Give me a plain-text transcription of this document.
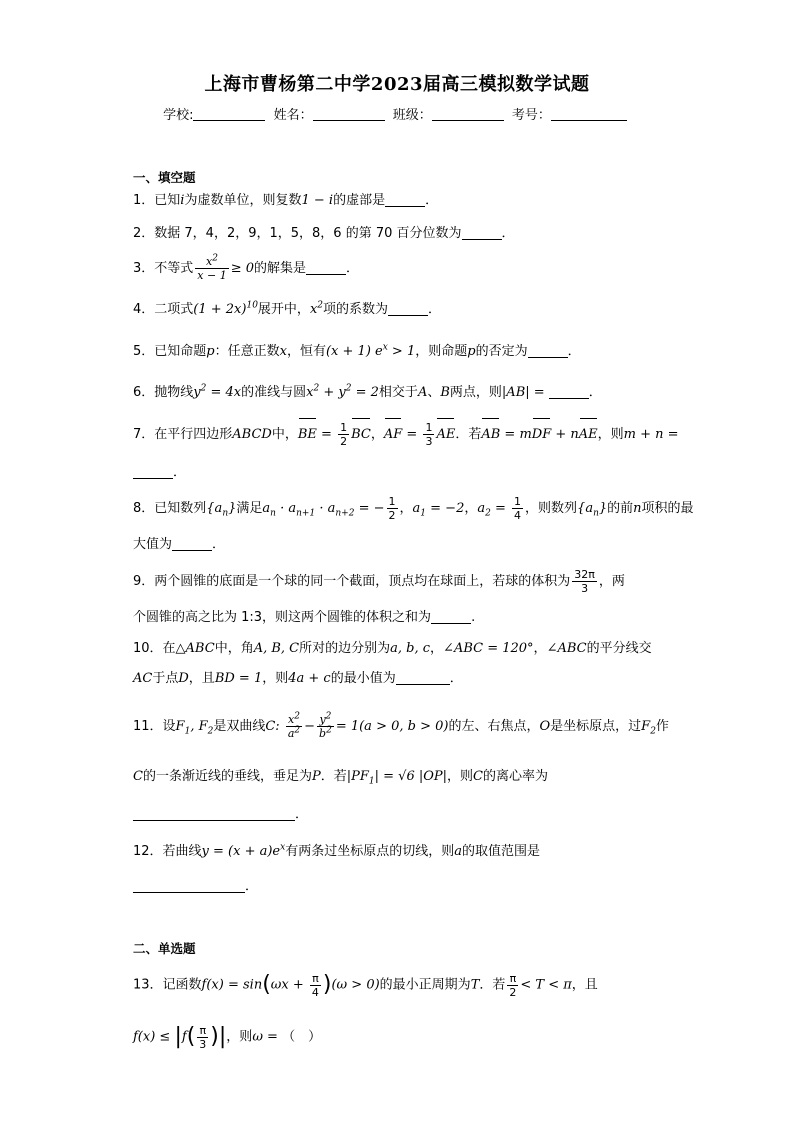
上海市曹杨第二中学2023届高三模拟数学试题
学校:	姓名：	班级：	考号：
一、填空题
1．已知i为虚数单位，则复数1 − i的虚部是	．
2．数据 7，4，2，9，1，5，8，6 的第 70 百分位数为	．
3．不等式 $\frac{x^2}{x - 1} \ge 0$的解集是	．
4．二项式$(1 + 2x)^{10}$展开中，$x^2$项的系数为	．
5．已知命题p：任意正数x，恒有(x + 1) $e^x > 1$，则命题p的否定为	．
6．抛物线$y^2 = 4x$的准线与圆$x^2 + y^2 = 2$相交于A、B两点，则|AB| =	．
7．在平行四边形ABCD中，BE = $\frac{1}{2}$ BC，AF = $\frac{1}{3}$ AE．若AB = mDF + nAE，则m + n =
．
8．已知数列$\{a_n\}$满足$a_n \cdot a_{n+1} \cdot a_{n+2}$ = − $\frac{1}{2}$ ，$a_1 = -2$，$a_2 = \frac{1}{4}$ ，则数列$\{a_n\}$的前n项积的最
大值为	．
9．两个圆锥的底面是一个球的同一个截面，顶点均在球面上，若球的体积为 $\frac{32\pi}{3}$ ，两
个圆锥的高之比为 1:3，则这两个圆锥的体积之和为	.
10．在△ABC中，角A, B, C所对的边分别为a, b, c，∠ABC = 120°，∠ABC的平分线交
AC于点D，且BD = 1，则4a + c的最小值为	．
11．设$F_1$, $F_2$是双曲线C: $\frac{x^2}{a^2} - \frac{y^2}{b^2} = 1(a > 0$, b > 0)的左、右焦点，O是坐标原点，过$F_2$作
C的一条渐近线的垂线，垂足为P．若$|PF_1| = √6$ |OP|，则C的离心率为
．
12．若曲线$y = (x + a)e^x$有两条过坐标原点的切线，则a的取值范围是
．
二、单选题
13．记函数$f(x) = \sin(\omega x + \frac{\pi}{4} )(\omega > 0)$的最小正周期为T．若 $\frac{\pi}{2} < T < \pi$，且
$f(x) \le |f( \frac{\pi}{3}$ )|，则ω = （　）
